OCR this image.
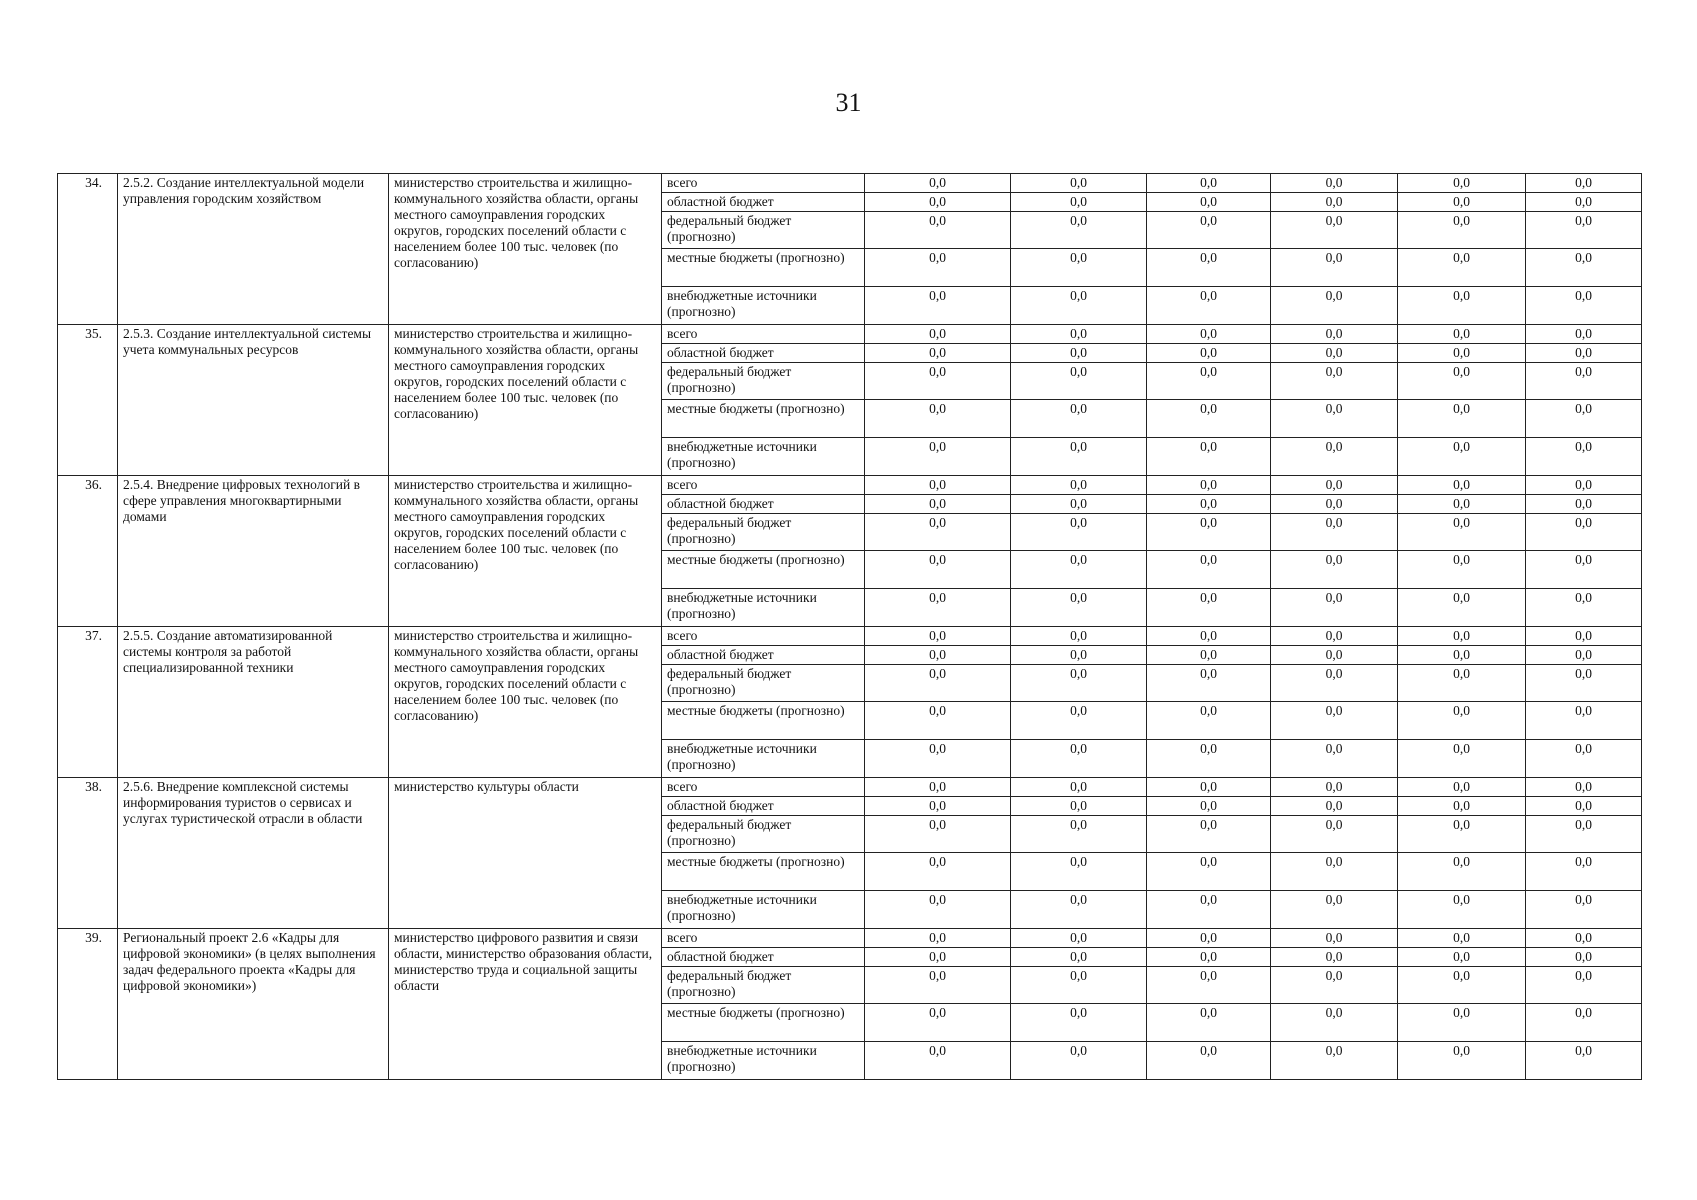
31
34.	2.5.2. Создание интеллектуальной модели управления городским хозяйством	министерство строительства и жилищно-коммунального хозяйства области, органы местного самоуправления городских округов, городских поселений области с населением более 100 тыс. человек (по согласованию)	всего	0,0	0,0	0,0	0,0	0,0	0,0
			областной бюджет	0,0	0,0	0,0	0,0	0,0	0,0
			федеральный бюджет (прогнозно)	0,0	0,0	0,0	0,0	0,0	0,0
			местные бюджеты (прогнозно)	0,0	0,0	0,0	0,0	0,0	0,0
			внебюджетные источники (прогнозно)	0,0	0,0	0,0	0,0	0,0	0,0
35.	2.5.3. Создание интеллектуальной системы учета коммунальных ресурсов	министерство строительства и жилищно-коммунального хозяйства области, органы местного самоуправления городских округов, городских поселений области с населением более 100 тыс. человек (по согласованию)	всего	0,0	0,0	0,0	0,0	0,0	0,0
			областной бюджет	0,0	0,0	0,0	0,0	0,0	0,0
			федеральный бюджет (прогнозно)	0,0	0,0	0,0	0,0	0,0	0,0
			местные бюджеты (прогнозно)	0,0	0,0	0,0	0,0	0,0	0,0
			внебюджетные источники (прогнозно)	0,0	0,0	0,0	0,0	0,0	0,0
36.	2.5.4. Внедрение цифровых технологий в сфере управления многоквартирными домами	министерство строительства и жилищно-коммунального хозяйства области, органы местного самоуправления городских округов, городских поселений области с населением более 100 тыс. человек (по согласованию)	всего	0,0	0,0	0,0	0,0	0,0	0,0
			областной бюджет	0,0	0,0	0,0	0,0	0,0	0,0
			федеральный бюджет (прогнозно)	0,0	0,0	0,0	0,0	0,0	0,0
			местные бюджеты (прогнозно)	0,0	0,0	0,0	0,0	0,0	0,0
			внебюджетные источники (прогнозно)	0,0	0,0	0,0	0,0	0,0	0,0
37.	2.5.5. Создание автоматизированной системы контроля за работой специализированной техники	министерство строительства и жилищно-коммунального хозяйства области, органы местного самоуправления городских округов, городских поселений области с населением более 100 тыс. человек (по согласованию)	всего	0,0	0,0	0,0	0,0	0,0	0,0
			областной бюджет	0,0	0,0	0,0	0,0	0,0	0,0
			федеральный бюджет (прогнозно)	0,0	0,0	0,0	0,0	0,0	0,0
			местные бюджеты (прогнозно)	0,0	0,0	0,0	0,0	0,0	0,0
			внебюджетные источники (прогнозно)	0,0	0,0	0,0	0,0	0,0	0,0
38.	2.5.6. Внедрение комплексной системы информирования туристов о сервисах и услугах туристической отрасли в области	министерство культуры области	всего	0,0	0,0	0,0	0,0	0,0	0,0
			областной бюджет	0,0	0,0	0,0	0,0	0,0	0,0
			федеральный бюджет (прогнозно)	0,0	0,0	0,0	0,0	0,0	0,0
			местные бюджеты (прогнозно)	0,0	0,0	0,0	0,0	0,0	0,0
			внебюджетные источники (прогнозно)	0,0	0,0	0,0	0,0	0,0	0,0
39.	Региональный проект 2.6 «Кадры для цифровой экономики» (в целях выполнения задач федерального проекта «Кадры для цифровой экономики»)	министерство цифрового развития и связи области, министерство образования области, министерство труда и социальной защиты области	всего	0,0	0,0	0,0	0,0	0,0	0,0
			областной бюджет	0,0	0,0	0,0	0,0	0,0	0,0
			федеральный бюджет (прогнозно)	0,0	0,0	0,0	0,0	0,0	0,0
			местные бюджеты (прогнозно)	0,0	0,0	0,0	0,0	0,0	0,0
			внебюджетные источники (прогнозно)	0,0	0,0	0,0	0,0	0,0	0,0
